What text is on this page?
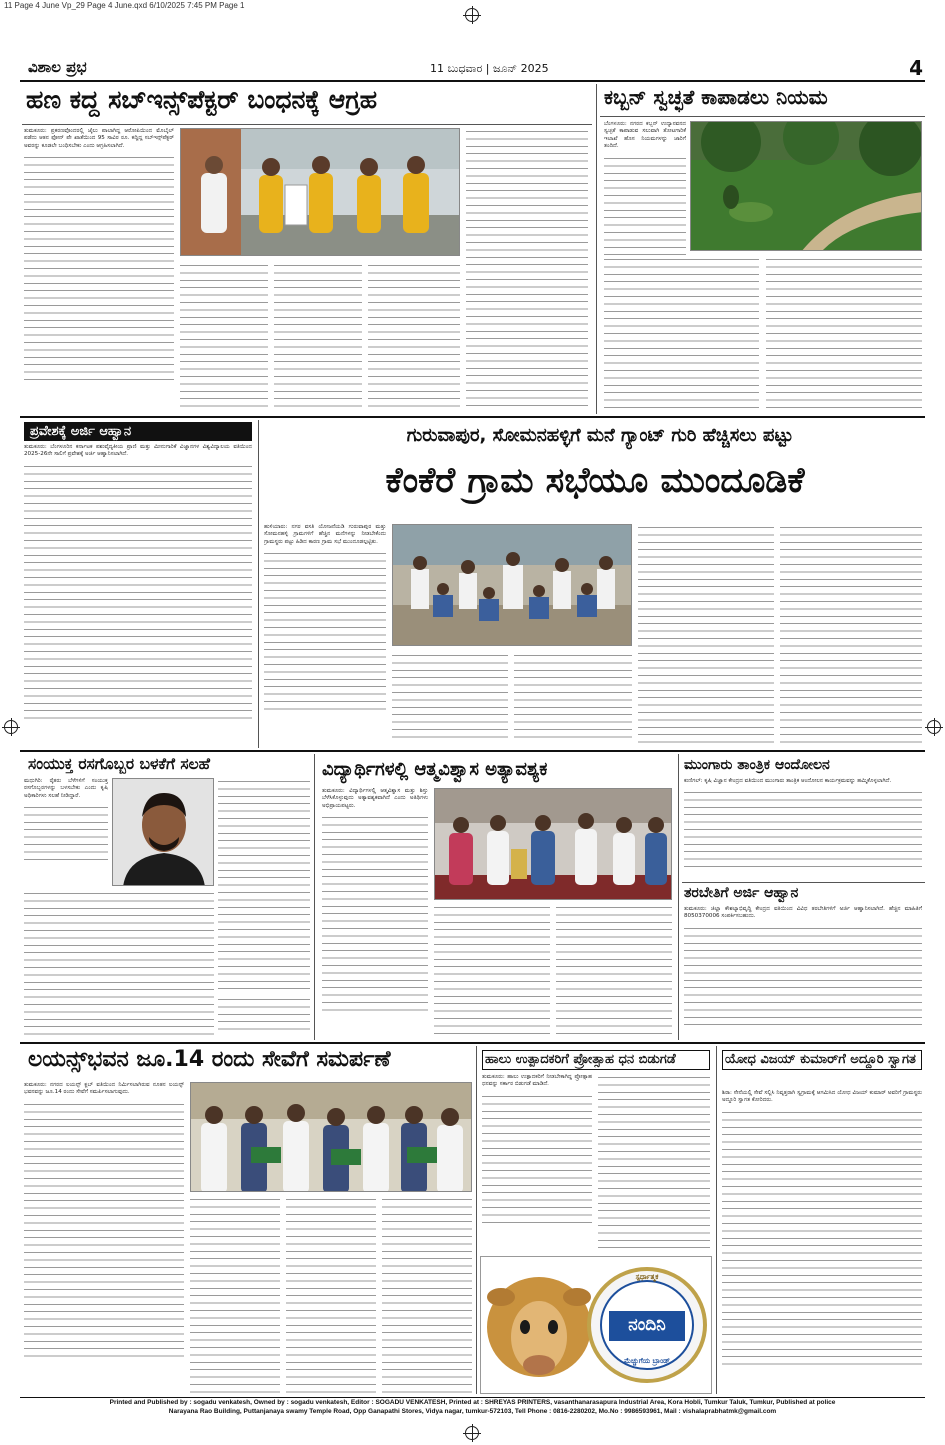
11 Page 4 June Vp_29 Page 4 June.qxd 6/10/2025 7:45 PM Page 1
ವಿಶಾಲ ಪ್ರಭ	11 ಬುಧವಾರ | ಜೂನ್ 2025	4
ಹಣ ಕದ್ದ ಸಬ್‌ಇನ್ಸ್‌ಪೆಕ್ಟರ್ ಬಂಧನಕ್ಕೆ ಆಗ್ರಹ
ತುಮಕೂರು: ಪ್ರಕರಣವೊಂದರಲ್ಲಿ ಜೈಲು ಪಾಲಾಗಿದ್ದ ಆರೋಪಿಯಿಂದ ಮೊಬೈಲ್ ಪಡೆದು ಆತನ ಫೋನ್ ಪೇ ಖಾತೆಯಿಂದ 95 ಸಾವಿರ ರೂ. ಕದ್ದಿದ್ದ ಸಬ್‌ಇನ್ಸ್‌ಪೆಕ್ಟರ್ ಅವರನ್ನು ಕೂಡಲೇ ಬಂಧಿಸಬೇಕು ಎಂದು ಆಗ್ರಹಿಸಲಾಗಿದೆ.
ಕಬ್ಬನ್ ಸ್ವಚ್ಛತೆ ಕಾಪಾಡಲು ನಿಯಮ
ಬೆಂಗಳೂರು: ನಗರದ ಕಬ್ಬನ್ ಉದ್ಯಾನವನದ ಸ್ವಚ್ಛತೆ ಕಾಪಾಡುವ ಸಲುವಾಗಿ ತೋಟಗಾರಿಕೆ ಇಲಾಖೆ ಹೊಸ ನಿಯಮಗಳನ್ನು ಜಾರಿಗೆ ತಂದಿದೆ.
ಪ್ರವೇಶಕ್ಕೆ ಅರ್ಜಿ ಆಹ್ವಾನ
ತುಮಕೂರು: ಬೆಂಗಳೂರಿನ ಕರ್ನಾಟಕ ಪಶುವೈದ್ಯಕೀಯ ಪ್ರಾಣಿ ಮತ್ತು ಮೀನುಗಾರಿಕೆ ವಿಜ್ಞಾನಗಳ ವಿಶ್ವವಿದ್ಯಾಲಯ ವತಿಯಿಂದ 2025-26ನೇ ಸಾಲಿಗೆ ಪ್ರವೇಶಕ್ಕೆ ಅರ್ಜಿ ಆಹ್ವಾನಿಸಲಾಗಿದೆ.
ಗುರುವಾಪುರ, ಸೋಮನಹಳ್ಳಿಗೆ ಮನೆ ಗ್ಯಾಂಟ್ ಗುರಿ ಹೆಚ್ಚಿಸಲು ಪಟ್ಟು
ಕೆಂಕೆರೆ ಗ್ರಾಮ ಸಭೆಯೂ ಮುಂದೂಡಿಕೆ
ಹುಳಿಯಾರು: ನಗರ ವಸತಿ ಯೋಜನೆಯಡಿ ಗುರುವಾಪುರ ಮತ್ತು ಸೋಮನಹಳ್ಳಿ ಗ್ರಾಮಗಳಿಗೆ ಹೆಚ್ಚಿನ ಮನೆಗಳನ್ನು ನೀಡಬೇಕೆಂದು ಗ್ರಾಮಸ್ಥರು ಪಟ್ಟು ಹಿಡಿದ ಕಾರಣ ಗ್ರಾಮ ಸಭೆ ಮುಂದೂಡಲ್ಪಟ್ಟಿತು.
ಸಂಯುಕ್ತ ರಸಗೊಬ್ಬರ ಬಳಕೆಗೆ ಸಲಹೆ
ಮಧುಗಿರಿ: ರೈತರು ಬೆಳೆಗಳಿಗೆ ಸಂಯುಕ್ತ ರಸಗೊಬ್ಬರಗಳನ್ನು ಬಳಸಬೇಕು ಎಂದು ಕೃಷಿ ಅಧಿಕಾರಿಗಳು ಸಲಹೆ ನೀಡಿದ್ದಾರೆ.
ವಿದ್ಯಾರ್ಥಿಗಳಲ್ಲಿ ಆತ್ಮವಿಶ್ವಾಸ ಅತ್ಯಾವಶ್ಯಕ
ತುಮಕೂರು: ವಿದ್ಯಾರ್ಥಿಗಳಲ್ಲಿ ಆತ್ಮವಿಶ್ವಾಸ ಮತ್ತು ಶಿಸ್ತು ಬೆಳೆಸಿಕೊಳ್ಳುವುದು ಅತ್ಯಾವಶ್ಯಕವಾಗಿದೆ ಎಂದು ಅತಿಥಿಗಳು ಅಭಿಪ್ರಾಯಪಟ್ಟರು.
ಮುಂಗಾರು ತಾಂತ್ರಿಕ ಆಂದೋಲನ
ಕುಣಿಗಲ್: ಕೃಷಿ ವಿಜ್ಞಾನ ಕೇಂದ್ರದ ವತಿಯಿಂದ ಮುಂಗಾರು ತಾಂತ್ರಿಕ ಆಂದೋಲನ ಕಾರ್ಯಕ್ರಮವನ್ನು ಹಮ್ಮಿಕೊಳ್ಳಲಾಗಿದೆ.
ತರಬೇತಿಗೆ ಅರ್ಜಿ ಆಹ್ವಾನ
ತುಮಕೂರು: ಜಿಲ್ಲಾ ಕೌಶಲ್ಯಾಭಿವೃದ್ಧಿ ಕೇಂದ್ರದ ವತಿಯಿಂದ ವಿವಿಧ ತರಬೇತಿಗಳಿಗೆ ಅರ್ಜಿ ಆಹ್ವಾನಿಸಲಾಗಿದೆ. ಹೆಚ್ಚಿನ ಮಾಹಿತಿಗೆ 8050370006 ಸಂಪರ್ಕಿಸಬಹುದು.
ಲಯನ್ಸ್‌ಭವನ ಜೂ.14 ರಂದು ಸೇವೆಗೆ ಸಮರ್ಪಣೆ
ತುಮಕೂರು: ನಗರದ ಲಯನ್ಸ್ ಕ್ಲಬ್ ವತಿಯಿಂದ ನಿರ್ಮಿಸಲಾಗಿರುವ ನೂತನ ಲಯನ್ಸ್ ಭವನವನ್ನು ಜೂ.14 ರಂದು ಸೇವೆಗೆ ಸಮರ್ಪಿಸಲಾಗುವುದು.
ಹಾಲು ಉತ್ಪಾದಕರಿಗೆ ಪ್ರೋತ್ಸಾಹ ಧನ ಬಿಡುಗಡೆ
ತುಮಕೂರು: ಹಾಲು ಉತ್ಪಾದಕರಿಗೆ ನೀಡಬೇಕಾಗಿದ್ದ ಪ್ರೋತ್ಸಾಹ ಧನವನ್ನು ಸರ್ಕಾರ ಬಿಡುಗಡೆ ಮಾಡಿದೆ.
ಸ್ಪರ್ಧಾತ್ಮಕ
ನಂದಿನಿ
ಮೆಚ್ಚುಗೆಯ ಬ್ರಾಂಡ್
ಯೋಧ ವಿಜಯ್ ಕುಮಾರ್‌ಗೆ ಅದ್ದೂರಿ ಸ್ವಾಗತ
ಶಿರಾ: ಸೇನೆಯಲ್ಲಿ ಸೇವೆ ಸಲ್ಲಿಸಿ ನಿವೃತ್ತರಾಗಿ ಸ್ವಗ್ರಾಮಕ್ಕೆ ಆಗಮಿಸಿದ ಯೋಧ ವಿಜಯ್ ಕುಮಾರ್ ಅವರಿಗೆ ಗ್ರಾಮಸ್ಥರು ಅದ್ದೂರಿ ಸ್ವಾಗತ ಕೋರಿದರು.
Printed and Published by : sogadu venkatesh, Owned by : sogadu venkatesh, Editor : SOGADU VENKATESH, Printed at : SHREYAS PRINTERS, vasanthanarasapura Industrial Area, Kora Hobli, Tumkur Taluk, Tumkur, Published at police
Narayana Rao Building, Puttanjanaya swamy Temple Road, Opp Ganapathi Stores, Vidya nagar, tumkur-572103, Tell Phone : 0816-2280202, Mo.No : 9986593961, Mail : vishalaprabhatmk@gmail.com
